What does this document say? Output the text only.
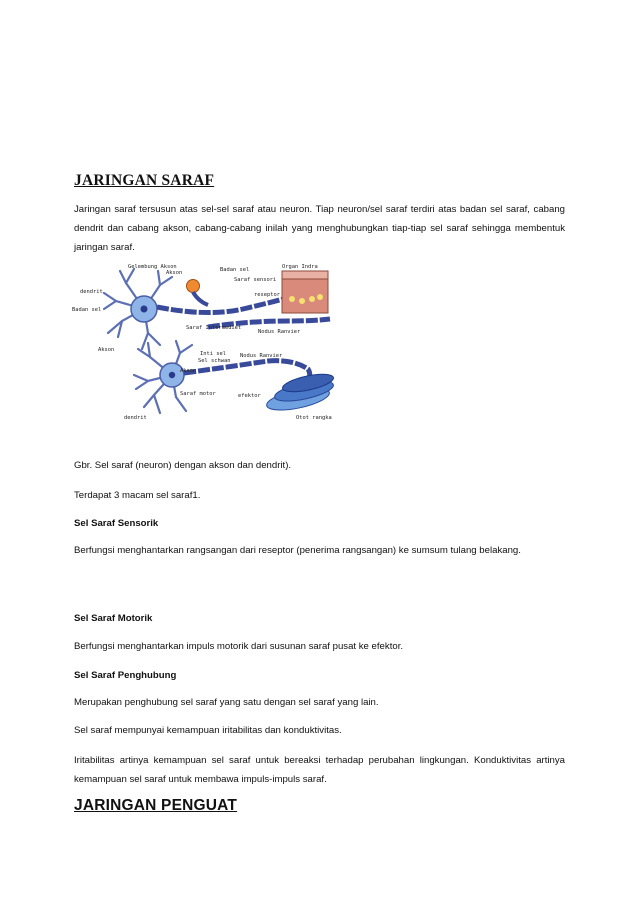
JARINGAN SARAF

Jaringan saraf tersusun atas sel-sel saraf atau neuron. Tiap neuron/sel saraf terdiri atas badan sel saraf, cabang dendrit dan cabang akson, cabang-cabang inilah yang menghubungkan tiap-tiap sel saraf sehingga membentuk jaringan saraf.

Gelembung Akson
Akson	Badan sel	Organ Indra
Saraf sensori
reseptor
dendrit
Badan sel
Saraf Intermediet
Nodus Ranvier
Akson
Inti sel
Sel schwan
Nodus Ranvier
Akson
Saraf motor	efektor
dendrit	Otot rangka

Gbr. Sel saraf (neuron) dengan akson dan dendrit).

Terdapat 3 macam sel saraf1.

Sel Saraf Sensorik

Berfungsi menghantarkan rangsangan dari reseptor (penerima rangsangan) ke sumsum tulang belakang.

Sel Saraf Motorik

Berfungsi menghantarkan impuls motorik dari susunan saraf pusat ke efektor.

Sel Saraf Penghubung

Merupakan penghubung sel saraf yang satu dengan sel saraf yang lain.

Sel saraf mempunyai kemampuan iritabilitas dan konduktivitas.

Iritabilitas artinya kemampuan sel saraf untuk bereaksi terhadap perubahan lingkungan. Konduktivitas artinya kemampuan sel saraf untuk membawa impuls-impuls saraf.

JARINGAN PENGUAT
